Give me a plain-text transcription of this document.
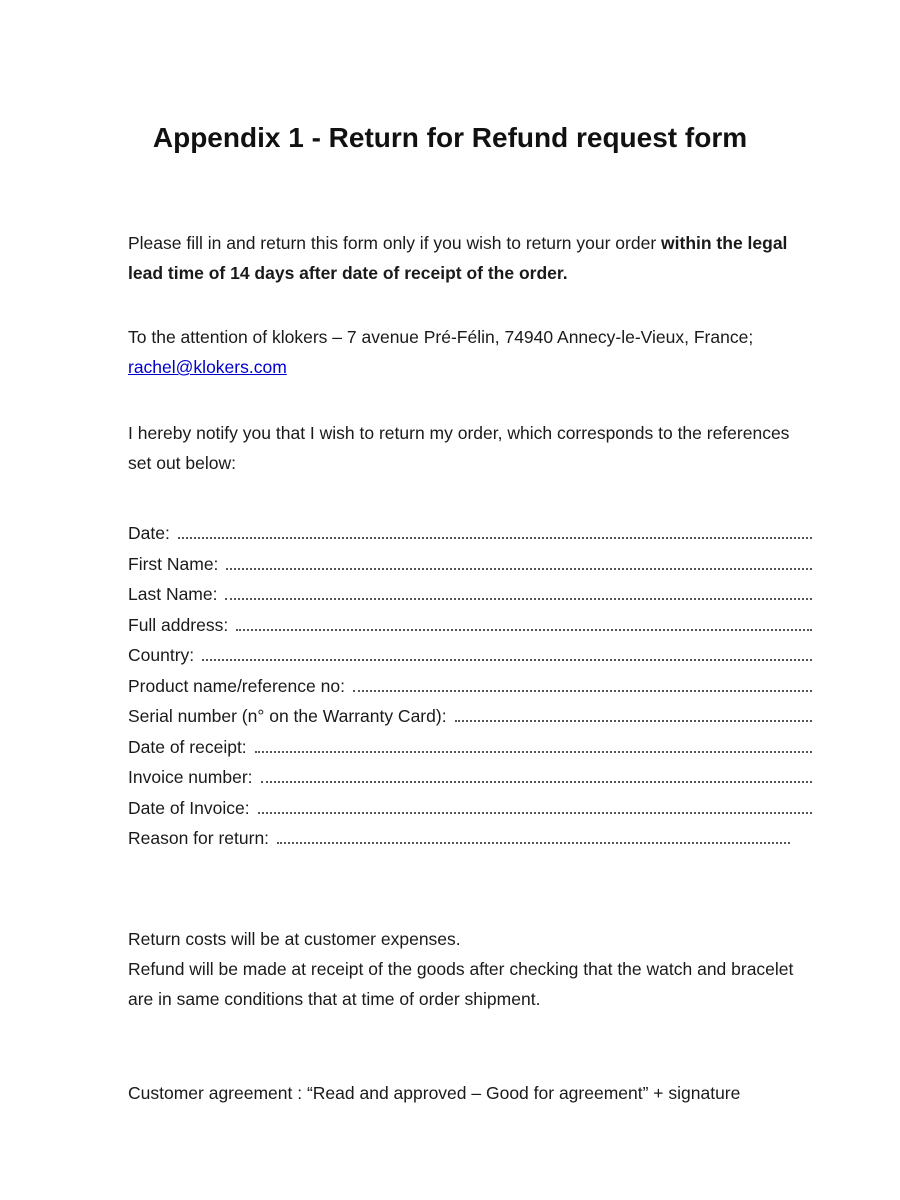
Appendix 1 - Return for Refund request form

Please fill in and return this form only if you wish to return your order within the legal lead time of 14 days after date of receipt of the order.

To the attention of klokers – 7 avenue Pré-Félin, 74940 Annecy-le-Vieux, France;
rachel@klokers.com

I hereby notify you that I wish to return my order, which corresponds to the references set out below:

Date:
First Name:
Last Name:
Full address:
Country:
Product name/reference no:
Serial number (n° on the Warranty Card):
Date of receipt:
Invoice number:
Date of Invoice:
Reason for return:

Return costs will be at customer expenses.
Refund will be made at receipt of the goods after checking that the watch and bracelet are in same conditions that at time of order shipment.

Customer agreement : “Read and approved – Good for agreement” + signature
